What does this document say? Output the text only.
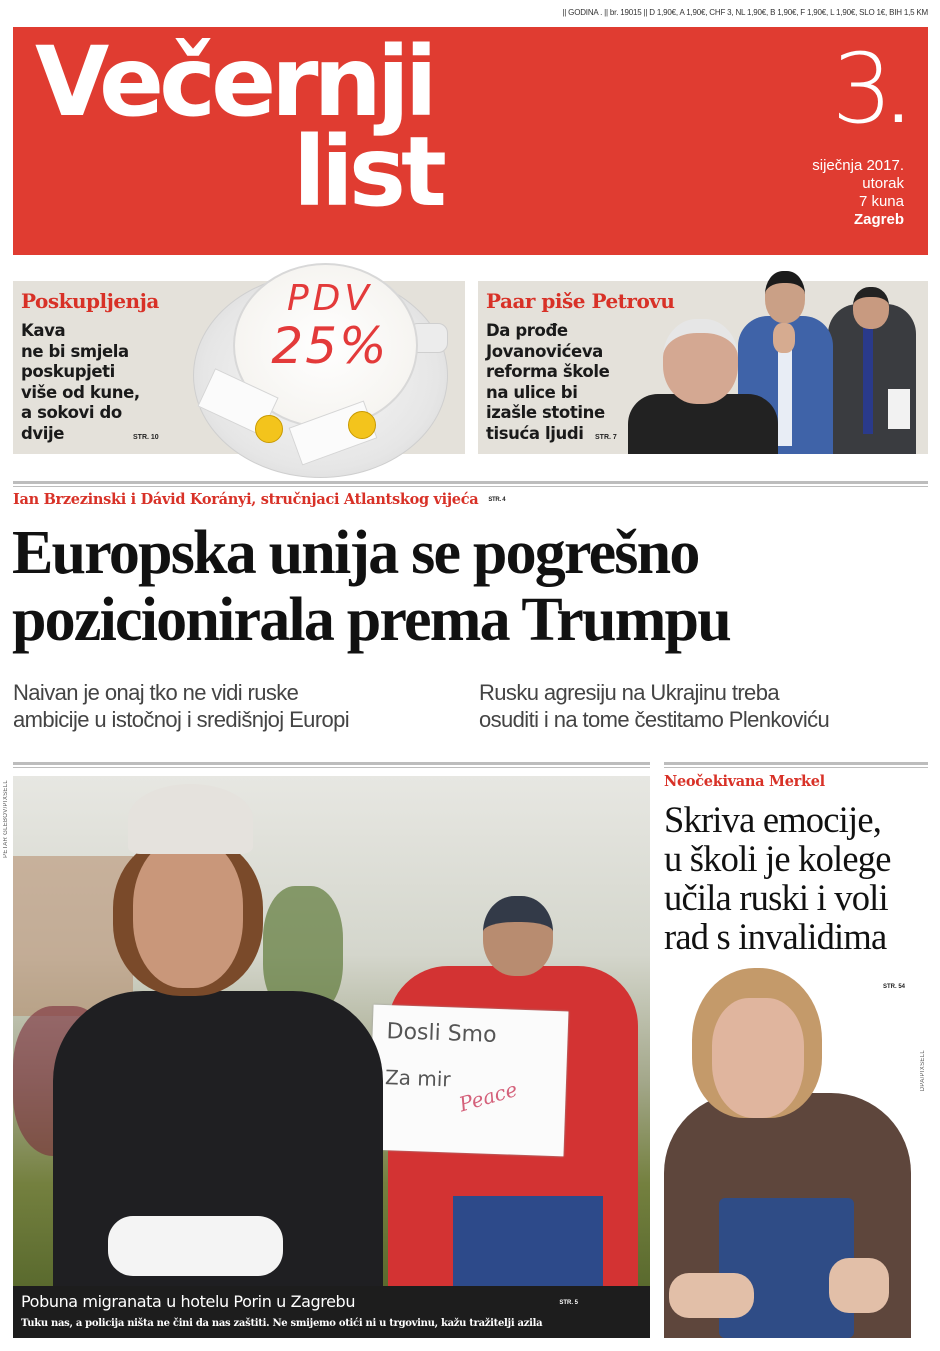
|| GODINA . || br. 19015 || D 1,90€, A 1,90€, CHF 3, NL 1,90€, B 1,90€, F 1,90€, L 1,90€, SLO 1€, BIH 1,5 KM
Večernji
list
3.
siječnja 2017.
utorak
7 kuna
Zagreb
Poskupljenja
Kava
ne bi smjela
poskupjeti
više od kune,
a sokovi do
dvije	STR. 10
PDV
25%
Paar piše Petrovu
Da prođe
Jovanovićeva
reforma škole
na ulice bi
izašle stotine
tisuća ljudi	STR. 7
Ian Brzezinski i Dávid Korányi, stručnjaci Atlantskog vijeća STR. 4
Europska unija se pogrešno
pozicionirala prema Trumpu
Naivan je onaj tko ne vidi ruske
ambicije u istočnoj i središnjoj Europi
Rusku agresiju na Ukrajinu treba
osuditi i na tome čestitamo Plenkoviću
PETAR GLEBOV/PIXSELL
Dosli Smo
Za mir Peace
Pobuna migranata u hotelu Porin u Zagrebu	STR. 5
Tuku nas, a policija ništa ne čini da nas zaštiti. Ne smijemo otići ni u trgovinu, kažu tražitelji azila
Neočekivana Merkel
Skriva emocije,
u školi je kolege
učila ruski i voli
rad s invalidima
STR. 54
DPA/PIXSELL
